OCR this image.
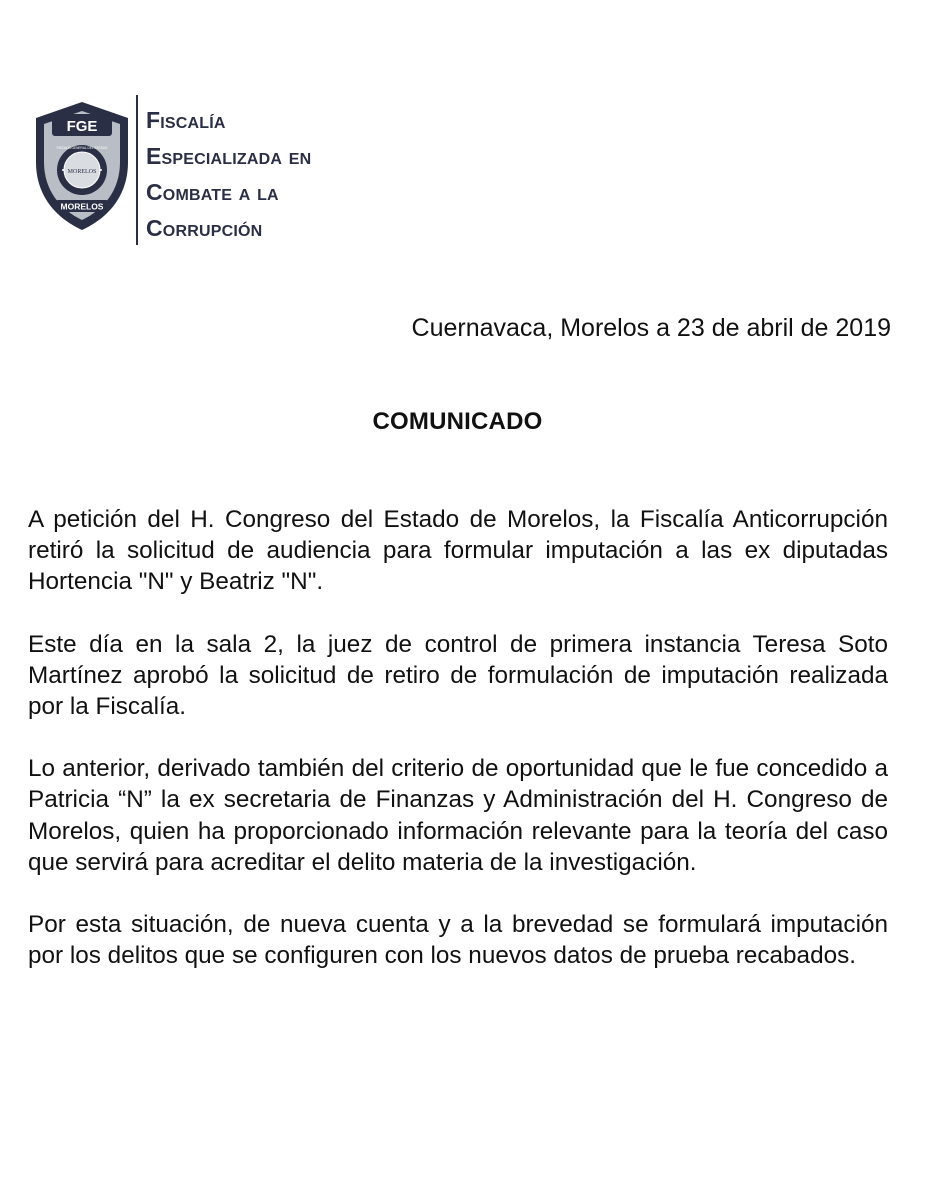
FGE
MORELOS
MORELOS
FISCALÍA GENERAL DEL ESTADO
Fiscalía
Especializada en
Combate a la
Corrupción
Cuernavaca, Morelos a 23 de abril de 2019
COMUNICADO

A petición del H. Congreso del Estado de Morelos, la Fiscalía Anticorrupción retiró la solicitud de audiencia para formular imputación a las ex diputadas Hortencia "N" y Beatriz "N".

Este día en la sala 2, la juez de control de primera instancia Teresa Soto Martínez aprobó la solicitud de retiro de formulación de imputación realizada por la Fiscalía.

Lo anterior, derivado también del criterio de oportunidad que le fue concedido a Patricia “N” la ex secretaria de Finanzas y Administración del H. Congreso de Morelos, quien ha proporcionado información relevante para la teoría del caso que servirá para acreditar el delito materia de la investigación.

Por esta situación, de nueva cuenta y a la brevedad se formulará imputación por los delitos que se configuren con los nuevos datos de prueba recabados.
